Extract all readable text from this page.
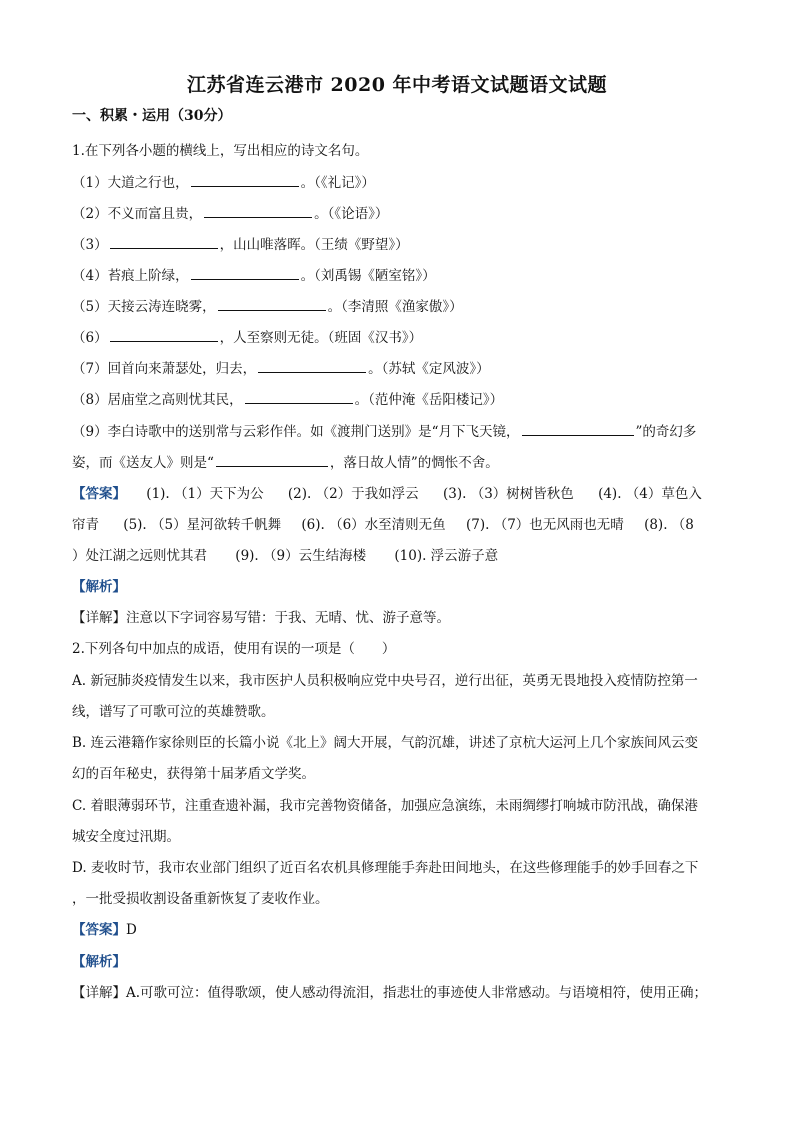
江苏省连云港市 2020 年中考语文试题语文试题
一、积累・运用（30分）
1.在下列各小题的横线上，写出相应的诗文名句。
（1）大道之行也，	。（《礼记》）
（2）不义而富且贵，	。（《论语》）
（3）	，山山唯落晖。（王绩《野望》）
（4）苔痕上阶绿，	。（刘禹锡《陋室铭》）
（5）天接云涛连晓雾，	。（李清照《渔家傲》）
（6）	，人至察则无徒。（班固《汉书》）
（7）回首向来萧瑟处，归去，	。（苏轼《定风波》）
（8）居庙堂之高则忧其民，	。（范仲淹《岳阳楼记》）
（9）李白诗歌中的送别常与云彩作伴。如《渡荆门送别》是“月下飞天镜，	”的奇幻多
姿，而《送友人》则是“	，落日故人情”的惆怅不舍。
【答案】 (1). （1）天下为公 (2). （2）于我如浮云 (3). （3）树树皆秋色 (4). （4）草色入
帘青 (5). （5）星河欲转千帆舞 (6). （6）水至清则无鱼 (7). （7）也无风雨也无晴 (8). （8
）处江湖之远则忧其君 (9). （9）云生结海楼 (10). 浮云游子意
【解析】
【详解】注意以下字词容易写错：于我、无晴、忧、游子意等。
2.下列各句中加点的成语，使用有误的一项是（　　）
A. 新冠肺炎疫情发生以来，我市医护人员积极响应党中央号召，逆行出征，英勇无畏地投入疫情防控第一
线，谱写了可歌可泣的英雄赞歌。
B. 连云港籍作家徐则臣的长篇小说《北上》阔大开展，气韵沉雄，讲述了京杭大运河上几个家族间风云变
幻的百年秘史，获得第十届茅盾文学奖。
C. 着眼薄弱环节，注重查遗补漏，我市完善物资储备，加强应急演练，未雨绸缪打响城市防汛战，确保港
城安全度过汛期。
D. 麦收时节，我市农业部门组织了近百名农机具修理能手奔赴田间地头，在这些修理能手的妙手回春之下
，一批受损收割设备重新恢复了麦收作业。
【答案】D
【解析】
【详解】A.可歌可泣：值得歌颂，使人感动得流泪，指悲壮的事迹使人非常感动。与语境相符，使用正确；
